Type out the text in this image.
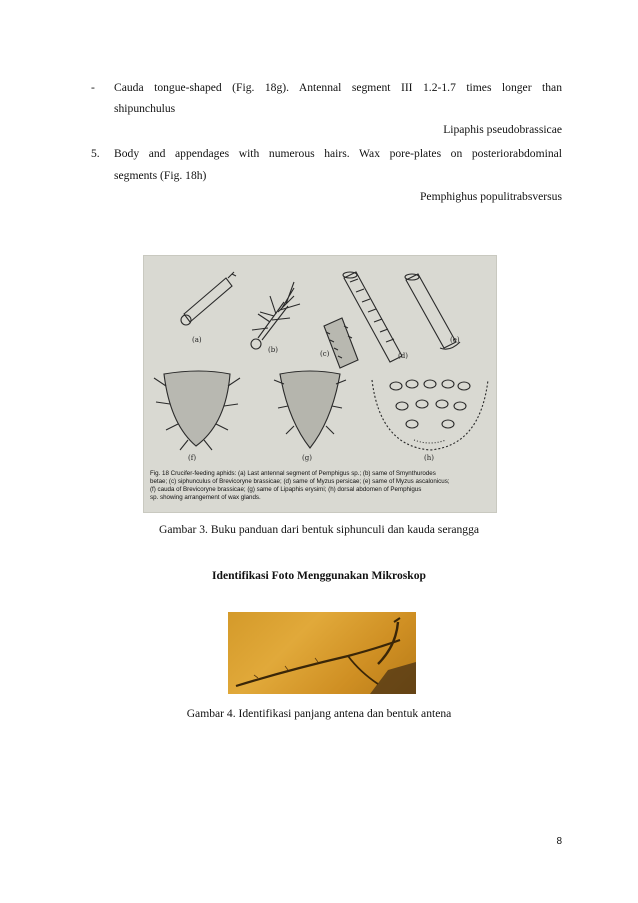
- Cauda tongue-shaped (Fig. 18g). Antennal segment III 1.2-1.7 times longer than
shipunchulus
Lipaphis pseudobrassicae
5. Body and appendages with numerous hairs. Wax pore-plates on posteriorabdominal
segments (Fig. 18h)
Pemphighus populitrabsversus
(a)
(b)	(c)	(d)
(e)
(f)	(g)	(h)
Fig. 18 Crucifer-feeding aphids: (a) Last antennal segment of Pemphigus sp.; (b) same of Smynthurodes
betae; (c) siphunculus of Brevicoryne brassicae; (d) same of Myzus persicae; (e) same of Myzus ascalonicus;
(f) cauda of Brevicoryne brassicae; (g) same of Lipaphis erysimi; (h) dorsal abdomen of Pemphigus
sp. showing arrangement of wax glands.
Gambar 3. Buku panduan dari bentuk siphunculi dan kauda serangga
Identifikasi Foto Menggunakan Mikroskop
Gambar 4. Identifikasi panjang antena dan bentuk antena
8
